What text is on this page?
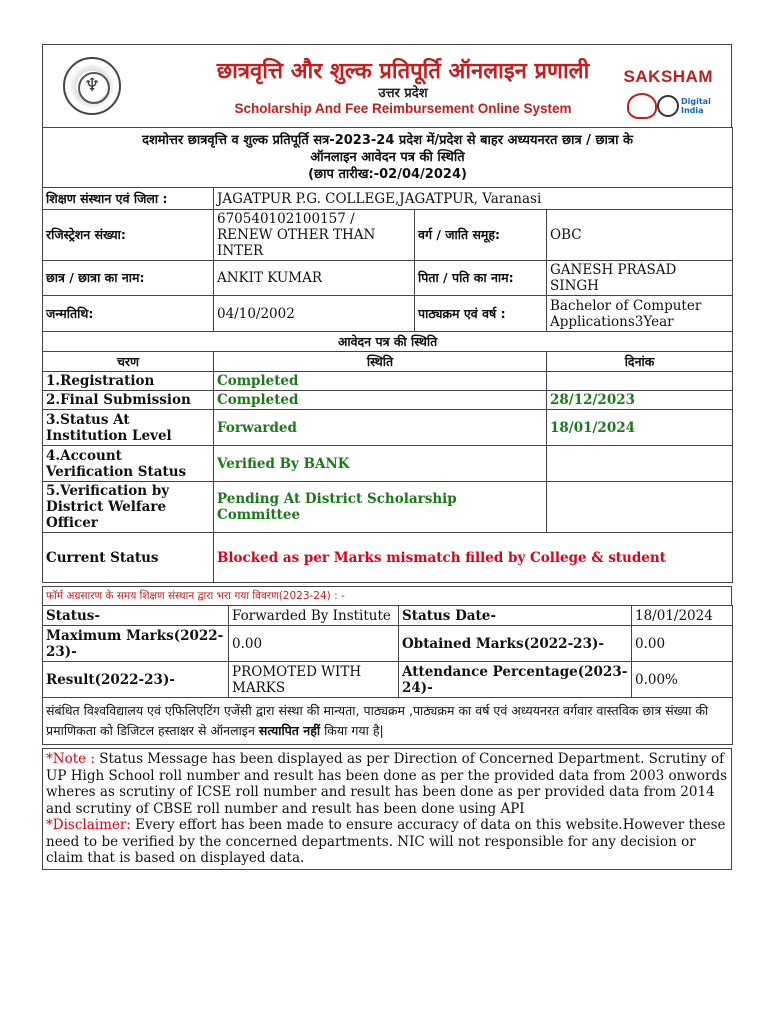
♆
छात्रवृत्ति और शुल्क प्रतिपूर्ति ऑनलाइन प्रणाली
उत्तर प्रदेश
Scholarship And Fee Reimbursement Online System
SAKSHAM
Digital India
दशमोत्तर छात्रवृत्ति व शुल्क प्रतिपूर्ति सत्र-2023-24 प्रदेश में/प्रदेश से बाहर अध्ययनरत छात्र / छात्रा के
ऑनलाइन आवेदन पत्र की स्थिति
(छाप तारीख:-02/04/2024)			

शिक्षण संस्थान एवं जिला :	JAGATPUR P.G. COLLEGE,JAGATPUR, Varanasi		
रजिस्ट्रेशन संख्या:	670540102100157 / RENEW OTHER THAN INTER	वर्ग / जाति समूह:	OBC
छात्र / छात्रा का नाम:	ANKIT KUMAR	पिता / पति का नाम:	GANESH PRASAD SINGH
जन्मतिथि:	04/10/2002	पाठ्यक्रम एवं वर्ष :	Bachelor of Computer Applications3Year
आवेदन पत्र की स्थिति			
चरण	स्थिति		दिनांक
1.Registration	Completed		
2.Final Submission	Completed		28/12/2023
3.Status At Institution Level	Forwarded		18/01/2024
4.Account Verification Status	Verified By BANK		
5.Verification by District Welfare Officer	Pending At District Scholarship Committee		
Current Status	Blocked as per Marks mismatch filled by College & student		
फॉर्म अग्रसारण के समय शिक्षण संस्थान द्वारा भरा गया विवरण(2023-24) : -
Status-	Forwarded By Institute	Status Date-	18/01/2024
Maximum Marks(2022-23)-	0.00	Obtained Marks(2022-23)-	0.00
Result(2022-23)-	PROMOTED WITH MARKS	Attendance Percentage(2023-24)-	0.00%
संबंधित विश्वविद्यालय एवं एफिलिएटिंग एजेंसी द्वारा संस्था की मान्यता, पाठ्यक्रम ,पाठ्यक्रम का वर्ष एवं अध्ययनरत वर्गवार वास्तविक छात्र संख्या की प्रमाणिकता को डिजिटल हस्ताक्षर से ऑनलाइन सत्यापित नहीं किया गया है|			
*Note : Status Message has been displayed as per Direction of Concerned Department. Scrutiny of UP High School roll number and result has been done as per the provided data from 2003 onwords wheres as scrutiny of ICSE roll number and result has been done as per provided data from 2014 and scrutiny of CBSE roll number and result has been done using API
*Disclaimer: Every effort has been made to ensure accuracy of data on this website.However these need to be verified by the concerned departments. NIC will not responsible for any decision or claim that is based on displayed data.
